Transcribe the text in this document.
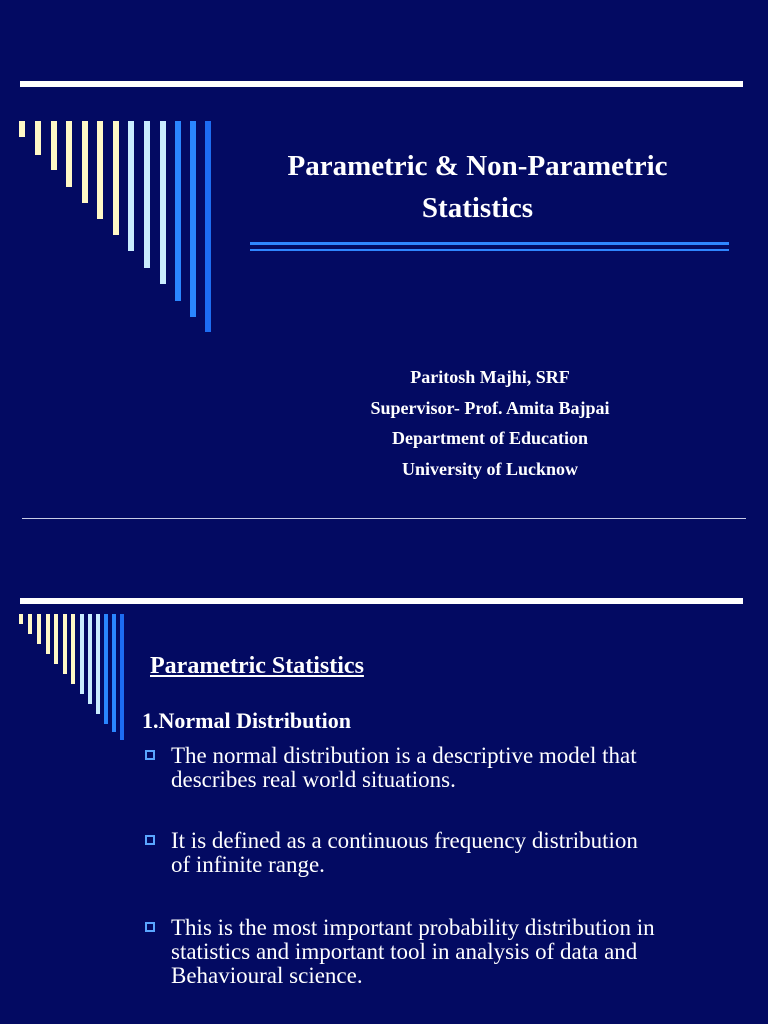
Parametric & Non-Parametric
Statistics
Paritosh Majhi, SRF
Supervisor- Prof. Amita Bajpai
Department of Education
University of Lucknow
Parametric Statistics
1.Normal Distribution
The normal distribution is a descriptive model that
describes real world situations.
It is defined as a continuous frequency distribution
of infinite range.
This is the most important probability distribution in
statistics and important tool in analysis of data and
Behavioural science.
